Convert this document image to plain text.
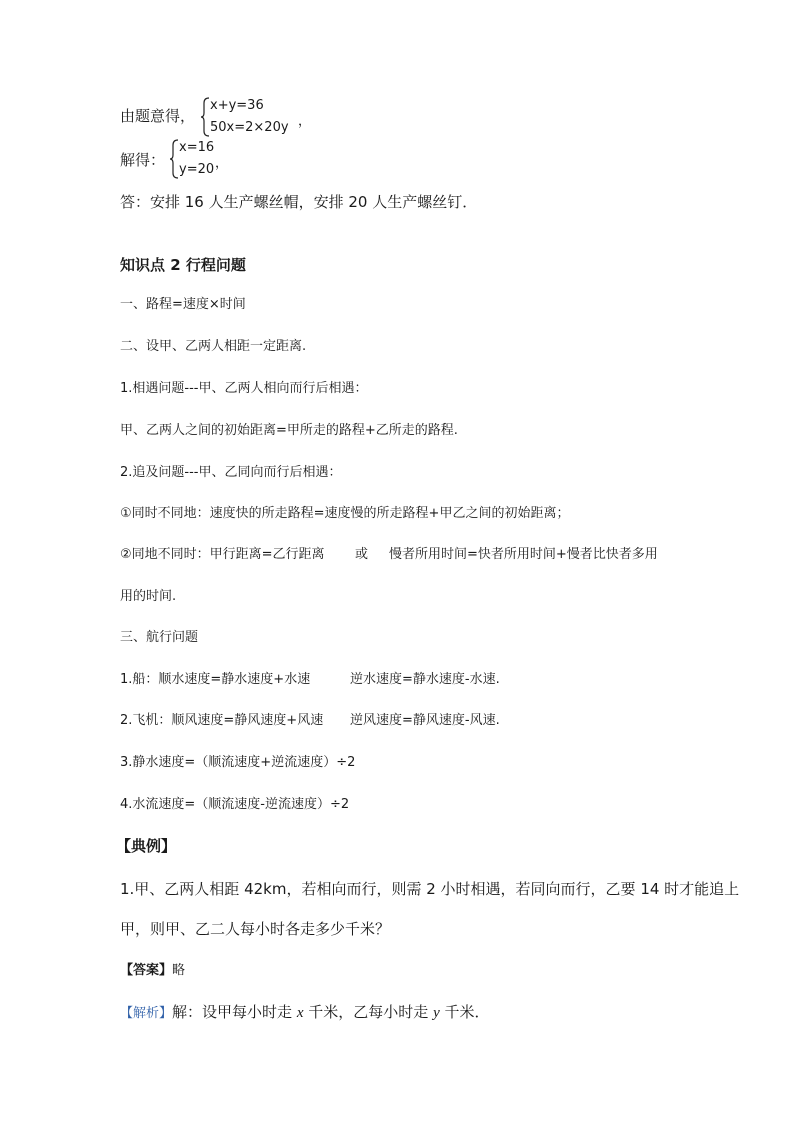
由题意得，
x+y=36
50x=2×20y ，
解得：
x=16
y=20 ，
答：安排 16 人生产螺丝帽，安排 20 人生产螺丝钉．
知识点 2 行程问题
一、路程=速度×时间
二、设甲、乙两人相距一定距离.
1.相遇问题---甲、乙两人相向而行后相遇：
甲、乙两人之间的初始距离=甲所走的路程+乙所走的路程.
2.追及问题---甲、乙同向而行后相遇：
①同时不同地：速度快的所走路程=速度慢的所走路程+甲乙之间的初始距离；
②同地不同时：甲行距离=乙行距离 或 慢者所用时间=快者所用时间+慢者比快者多用
用的时间.
三、航行问题
1.船：顺水速度=静水速度+水速	逆水速度=静水速度-水速.
2.飞机：顺风速度=静风速度+风速 逆风速度=静风速度-风速.
3.静水速度=（顺流速度+逆流速度）÷2
4.水流速度=（顺流速度-逆流速度）÷2
【典例】
1.甲、乙两人相距 42km，若相向而行，则需 2 小时相遇，若同向而行，乙要 14 时才能追上
甲，则甲、乙二人每小时各走多少千米？
【答案】略
【解析】解：设甲每小时走 x 千米，乙每小时走 y 千米．
